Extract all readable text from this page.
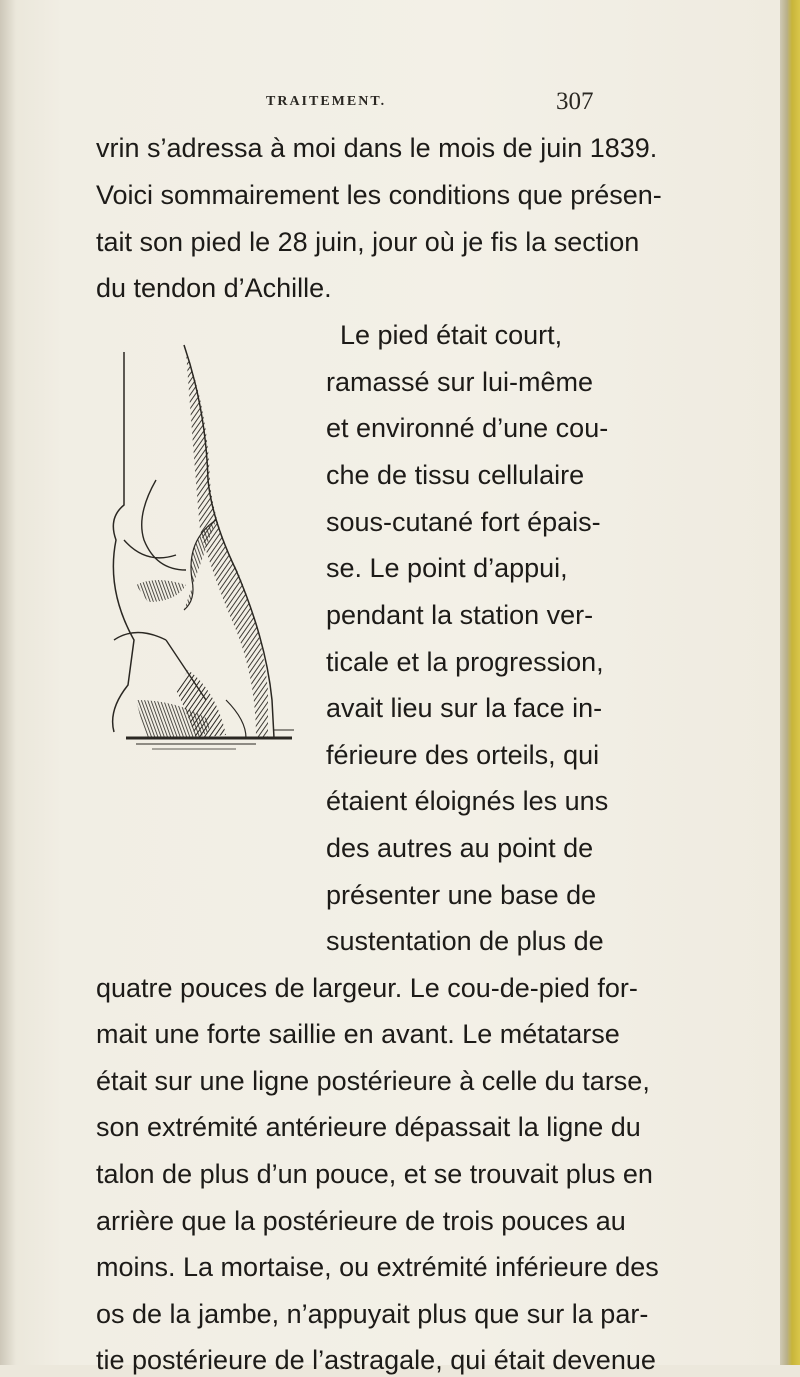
TRAITEMENT.	307
vrin s’adressa à moi dans le mois de juin 1839.
Voici sommairement les conditions que présen-
tait son pied le 28 juin, jour où je fis la section
du tendon d’Achille.
Le pied était court,
ramassé sur lui-même
et environné d’une cou-
che de tissu cellulaire
sous-cutané fort épais-
se. Le point d’appui,
pendant la station ver-
ticale et la progression,
avait lieu sur la face in-
férieure des orteils, qui
étaient éloignés les uns
des autres au point de
présenter une base de
sustentation de plus de
quatre pouces de largeur. Le cou-de-pied for-
mait une forte saillie en avant. Le métatarse
était sur une ligne postérieure à celle du tarse,
son extrémité antérieure dépassait la ligne du
talon de plus d’un pouce, et se trouvait plus en
arrière que la postérieure de trois pouces au
moins. La mortaise, ou extrémité inférieure des
os de la jambe, n’appuyait plus que sur la par-
tie postérieure de l’astragale, qui était devenue
